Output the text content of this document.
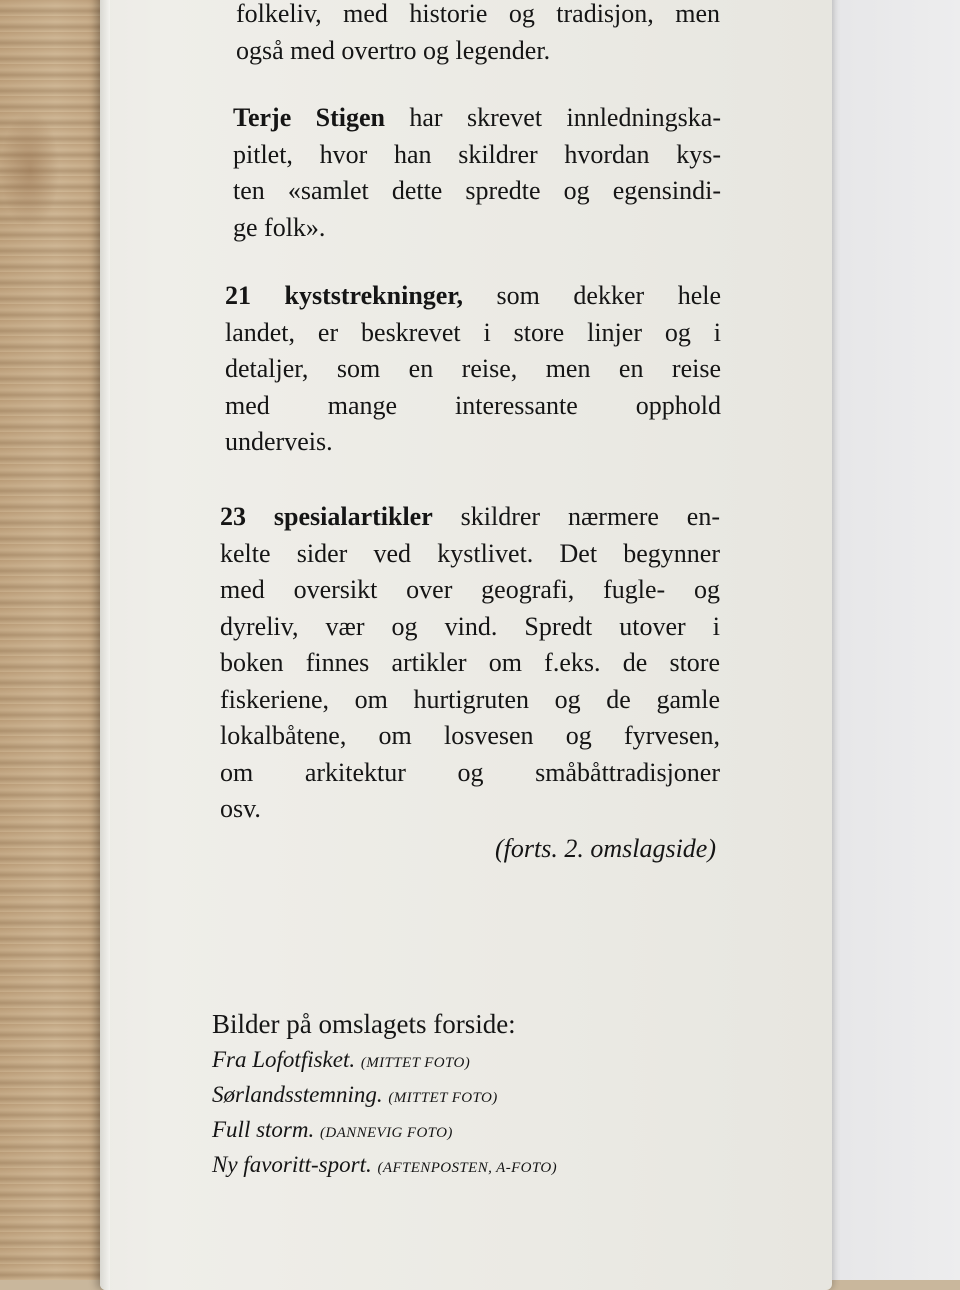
folkeliv, med historie og tradisjon, men
også med overtro og legender.
Terje Stigen har skrevet innledningska-
pitlet, hvor han skildrer hvordan kys-
ten «samlet dette spredte og egensindi-
ge folk».
21 kyststrekninger, som dekker hele
landet, er beskrevet i store linjer og i
detaljer, som en reise, men en reise
med mange interessante opphold
underveis.
23 spesialartikler skildrer nærmere en-
kelte sider ved kystlivet. Det begynner
med oversikt over geografi, fugle- og
dyreliv, vær og vind. Spredt utover i
boken finnes artikler om f.eks. de store
fiskeriene, om hurtigruten og de gamle
lokalbåtene, om losvesen og fyrvesen,
om arkitektur og småbåttradisjoner
osv.
(forts. 2. omslagside)
Bilder på omslagets forside:
Fra Lofotfisket. (MITTET FOTO)
Sørlandsstemning. (MITTET FOTO)
Full storm. (DANNEVIG FOTO)
Ny favoritt-sport. (AFTENPOSTEN, A-FOTO)
